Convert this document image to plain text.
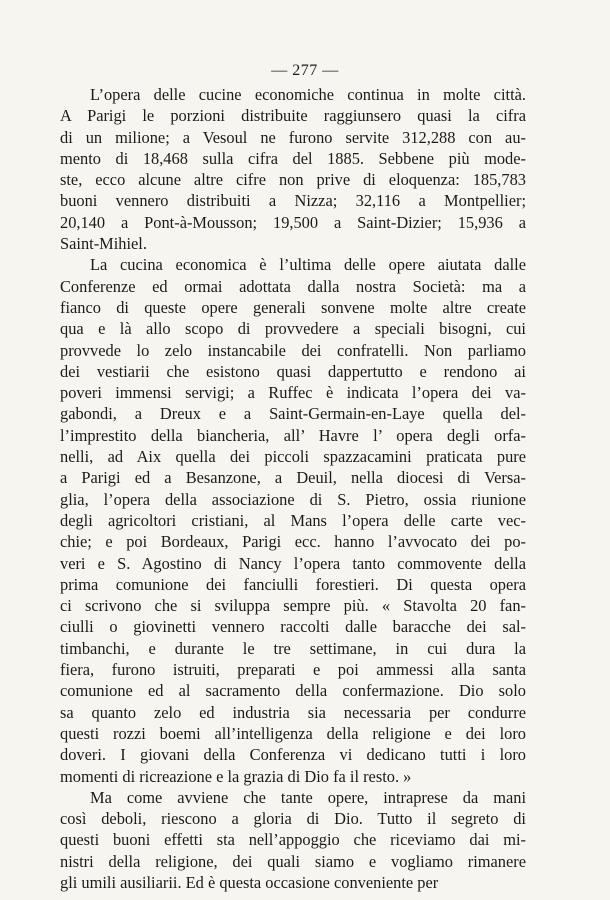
— 277 —
L’opera delle cucine economiche continua in molte città.
A Parigi le porzioni distribuite raggiunsero quasi la cifra
di un milione; a Vesoul ne furono servite 312,288 con au-
mento di 18,468 sulla cifra del 1885. Sebbene più mode-
ste, ecco alcune altre cifre non prive di eloquenza: 185,783
buoni vennero distribuiti a Nizza; 32,116 a Montpellier;
20,140 a Pont-à-Mousson; 19,500 a Saint-Dizier; 15,936 a
Saint-Mihiel.
La cucina economica è l’ultima delle opere aiutata dalle
Conferenze ed ormai adottata dalla nostra Società: ma a
fianco di queste opere generali sonvene molte altre create
qua e là allo scopo di provvedere a speciali bisogni, cui
provvede lo zelo instancabile dei confratelli. Non parliamo
dei vestiarii che esistono quasi dappertutto e rendono ai
poveri immensi servigi; a Ruffec è indicata l’opera dei va-
gabondi, a Dreux e a Saint-Germain-en-Laye quella del-
l’imprestito della biancheria, all’ Havre l’ opera degli orfa-
nelli, ad Aix quella dei piccoli spazzacamini praticata pure
a Parigi ed a Besanzone, a Deuil, nella diocesi di Versa-
glia, l’opera della associazione di S. Pietro, ossia riunione
degli agricoltori cristiani, al Mans l’opera delle carte vec-
chie; e poi Bordeaux, Parigi ecc. hanno l’avvocato dei po-
veri e S. Agostino di Nancy l’opera tanto commovente della
prima comunione dei fanciulli forestieri. Di questa opera
ci scrivono che si sviluppa sempre più. « Stavolta 20 fan-
ciulli o giovinetti vennero raccolti dalle baracche dei sal-
timbanchi, e durante le tre settimane, in cui dura la
fiera, furono istruiti, preparati e poi ammessi alla santa
comunione ed al sacramento della confermazione. Dio solo
sa quanto zelo ed industria sia necessaria per condurre
questi rozzi boemi all’intelligenza della religione e dei loro
doveri. I giovani della Conferenza vi dedicano tutti i loro
momenti di ricreazione e la grazia di Dio fa il resto. »
Ma come avviene che tante opere, intraprese da mani
così deboli, riescono a gloria di Dio. Tutto il segreto di
questi buoni effetti sta nell’appoggio che riceviamo dai mi-
nistri della religione, dei quali siamo e vogliamo rimanere
gli umili ausiliarii. Ed è questa occasione conveniente per
